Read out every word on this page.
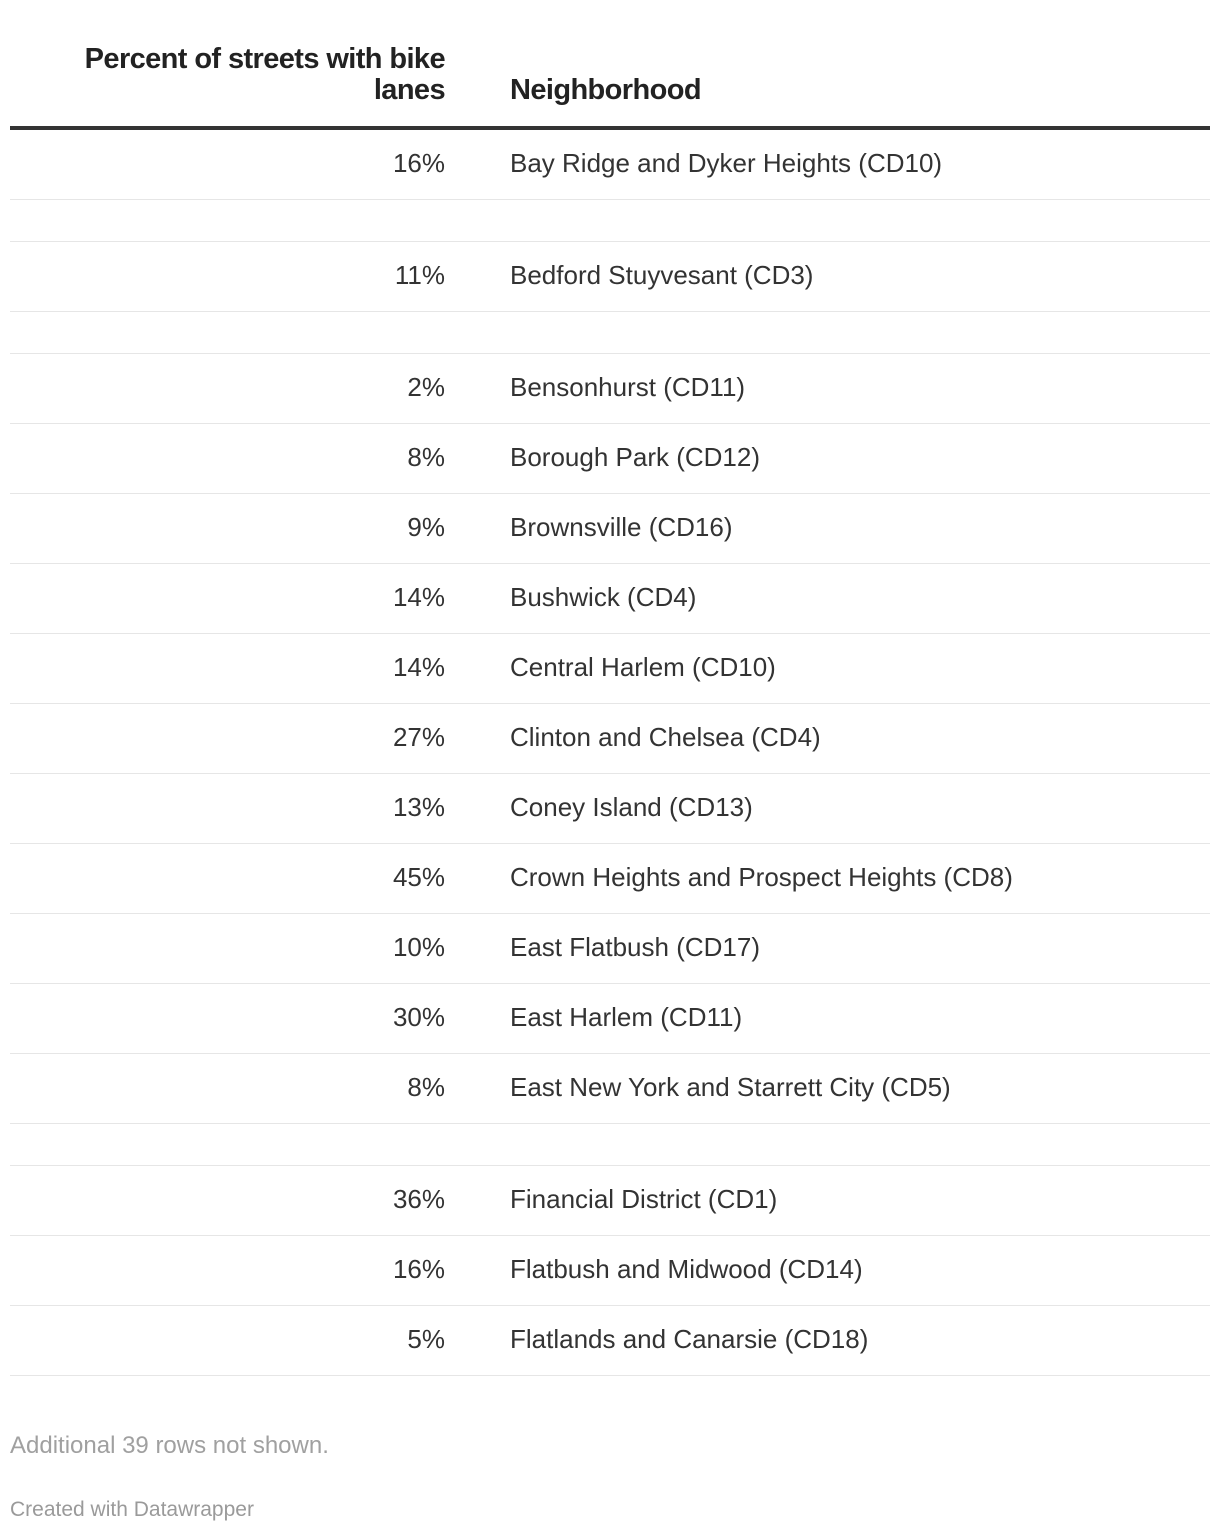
Percent of streets with bike lanes Neighborhood
16%	Bay Ridge and Dyker Heights (CD10)
11%	Bedford Stuyvesant (CD3)
2%	Bensonhurst (CD11)
8%	Borough Park (CD12)
9%	Brownsville (CD16)
14%	Bushwick (CD4)
14%	Central Harlem (CD10)
27%	Clinton and Chelsea (CD4)
13%	Coney Island (CD13)
45%	Crown Heights and Prospect Heights (CD8)
10%	East Flatbush (CD17)
30%	East Harlem (CD11)
8%	East New York and Starrett City (CD5)
36%	Financial District (CD1)
16%	Flatbush and Midwood (CD14)
5%	Flatlands and Canarsie (CD18)
Additional 39 rows not shown.
Created with Datawrapper
